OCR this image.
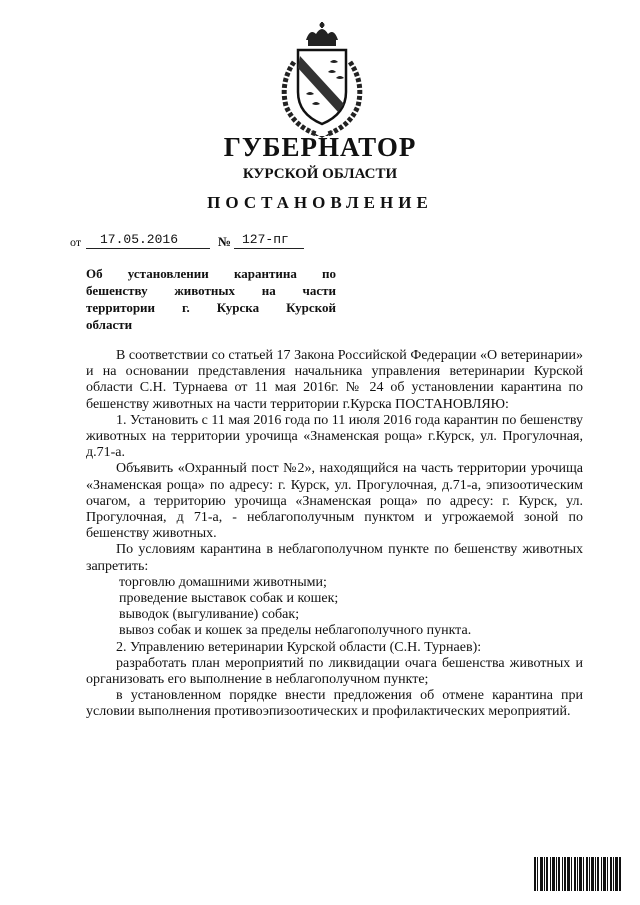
ГУБЕРНАТОР
КУРСКОЙ ОБЛАСТИ
ПОСТАНОВЛЕНИЕ
от 17.05.2016	№ 127-пг
Об установлении карантина по
бешенству животных на части
территории г. Курска Курской
области

В соответствии со статьей 17 Закона Российской Федерации «О ветеринарии» и на основании представления начальника управления ветеринарии Курской области С.Н. Турнаева от 11 мая 2016г. № 24 об установлении карантина по бешенству животных на части территории г.Курска ПОСТАНОВЛЯЮ:

1. Установить с 11 мая 2016 года по 11 июля 2016 года карантин по бешенству животных на территории урочища «Знаменская роща» г.Курск, ул. Прогулочная, д.71-а.

Объявить «Охранный пост №2», находящийся на часть территории урочища «Знаменская роща» по адресу: г. Курск, ул. Прогулочная, д.71-а, эпизоотическим очагом, а территорию урочища «Знаменская роща» по адресу: г. Курск, ул. Прогулочная, д 71-а, - неблагополучным пунктом и угрожаемой зоной по бешенству животных.

По условиям карантина в неблагополучном пункте по бешенству животных запретить:

торговлю домашними животными;

проведение выставок собак и кошек;

выводок (выгуливание) собак;

вывоз собак и кошек за пределы неблагополучного пункта.

2. Управлению ветеринарии Курской области (С.Н. Турнаев):

разработать план мероприятий по ликвидации очага бешенства животных и организовать его выполнение в неблагополучном пункте;

в установленном порядке внести предложения об отмене карантина при условии выполнения противоэпизоотических и профилактических мероприятий.
